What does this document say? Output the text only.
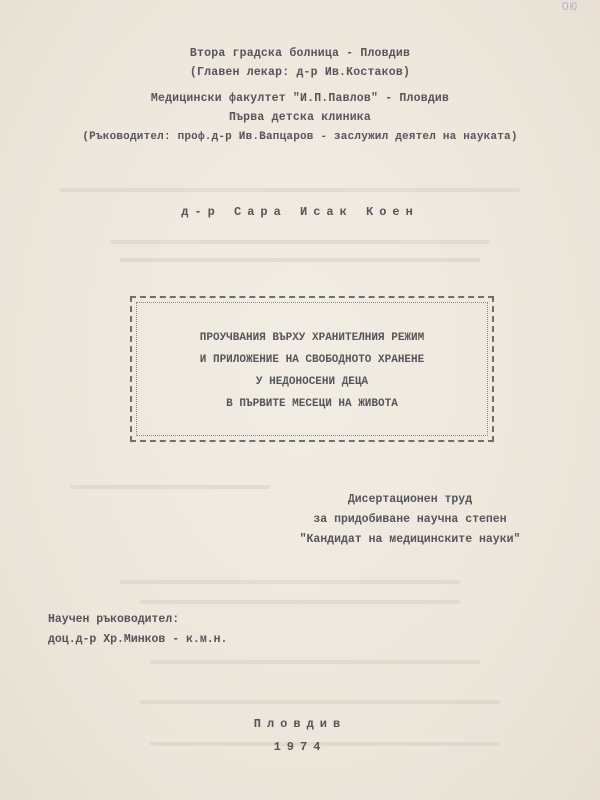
ОЮ
Втора градска болница - Пловдив
(Главен лекар: д-р Ив.Костаков)
Медицински факултет "И.П.Павлов" - Пловдив
Първа детска клиника
(Ръководител: проф.д-р Ив.Вапцаров - заслужил деятел на науката)
д-р Сара Исак Коен
ПРОУЧВАНИЯ ВЪРХУ ХРАНИТЕЛНИЯ РЕЖИМ
И ПРИЛОЖЕНИЕ НА СВОБОДНОТО ХРАНЕНЕ
У НЕДОНОСЕНИ ДЕЦА
В ПЪРВИТЕ МЕСЕЦИ НА ЖИВОТА
Дисертационен труд
за придобиване научна степен
"Кандидат на медицинските науки"
Научен ръководител:
доц.д-р Хр.Минков - к.м.н.
Пловдив
1974
